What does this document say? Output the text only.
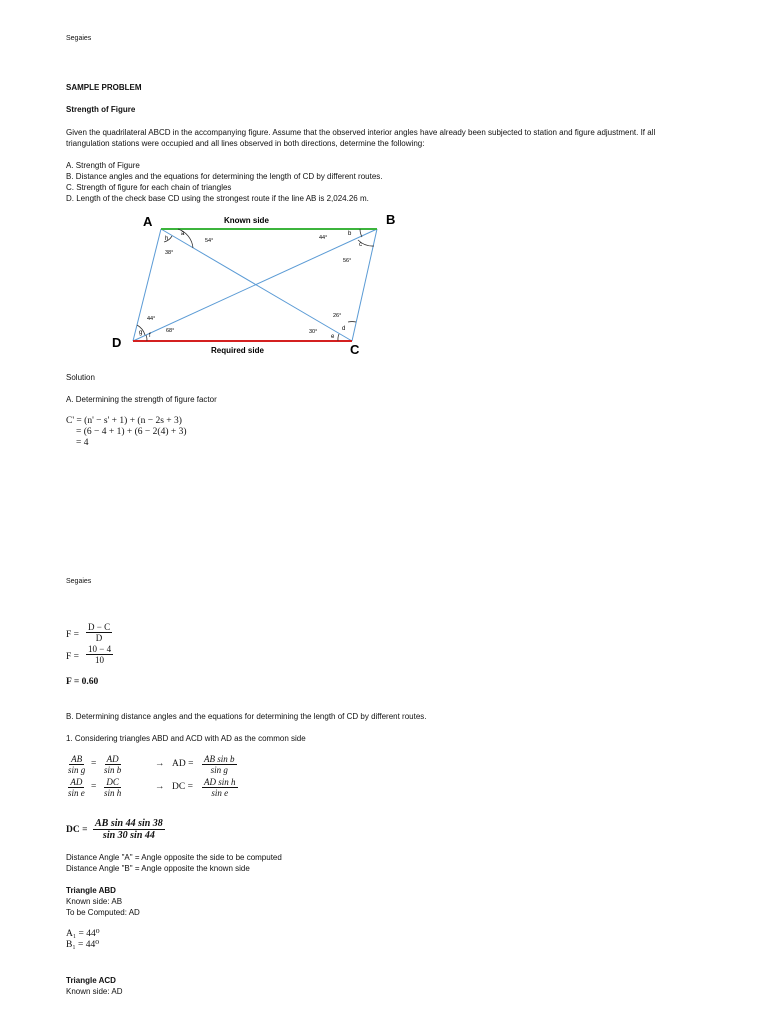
Segaies

SAMPLE PROBLEM

Strength of Figure

Given the quadrilateral ABCD in the accompanying figure. Assume that the observed interior angles have already been subjected to station and figure adjustment. If all triangulation stations were occupied and all lines observed in both directions, determine the following:

A. Strength of Figure

B. Distance angles and the equations for determining the length of CD by different routes.

C. Strength of figure for each chain of triangles

D. Length of the check base CD using the strongest route if the line AB is 2,024.26 m.

A	B
C
D
Known side
Required side
a
h
b
c
d
e
f
g
54°
38°
44°
56°
26°
30°
44°
68°

Solution

A. Determining the strength of figure factor

C' = (n' − s' + 1) + (n − 2s + 3)

= (6 − 4 + 1) + (6 − 2(4) + 3)

= 4

Segaies

$F = \frac{D - C}{D}$
$F = \frac{10 - 4}{10}$

F = 0.60

B. Determining distance angles and the equations for determining the length of CD by different routes.

1. Considering triangles ABD and ACD with AD as the common side

$\frac{AB}{\text{sin g}} = \frac{AD}{\text{sin b}}$	→ AD = $\frac{\text{AB sin b}}{\text{sin g}}$
$\frac{AD}{\text{sin e}} = \frac{DC}{\text{sin h}}$	→ DC = $\frac{\text{AD sin h}}{\text{sin e}}$
DC = $\frac{\text{AB sin 44 sin 38}}{\sin 30 \sin 44}$

Distance Angle "A" = Angle opposite the side to be computed

Distance Angle "B" = Angle opposite the known side

Triangle ABD

Known side: AB

To be Computed: AD

A₁ = 44⁰

B₁ = 44⁰

Triangle ACD

Known side: AD
